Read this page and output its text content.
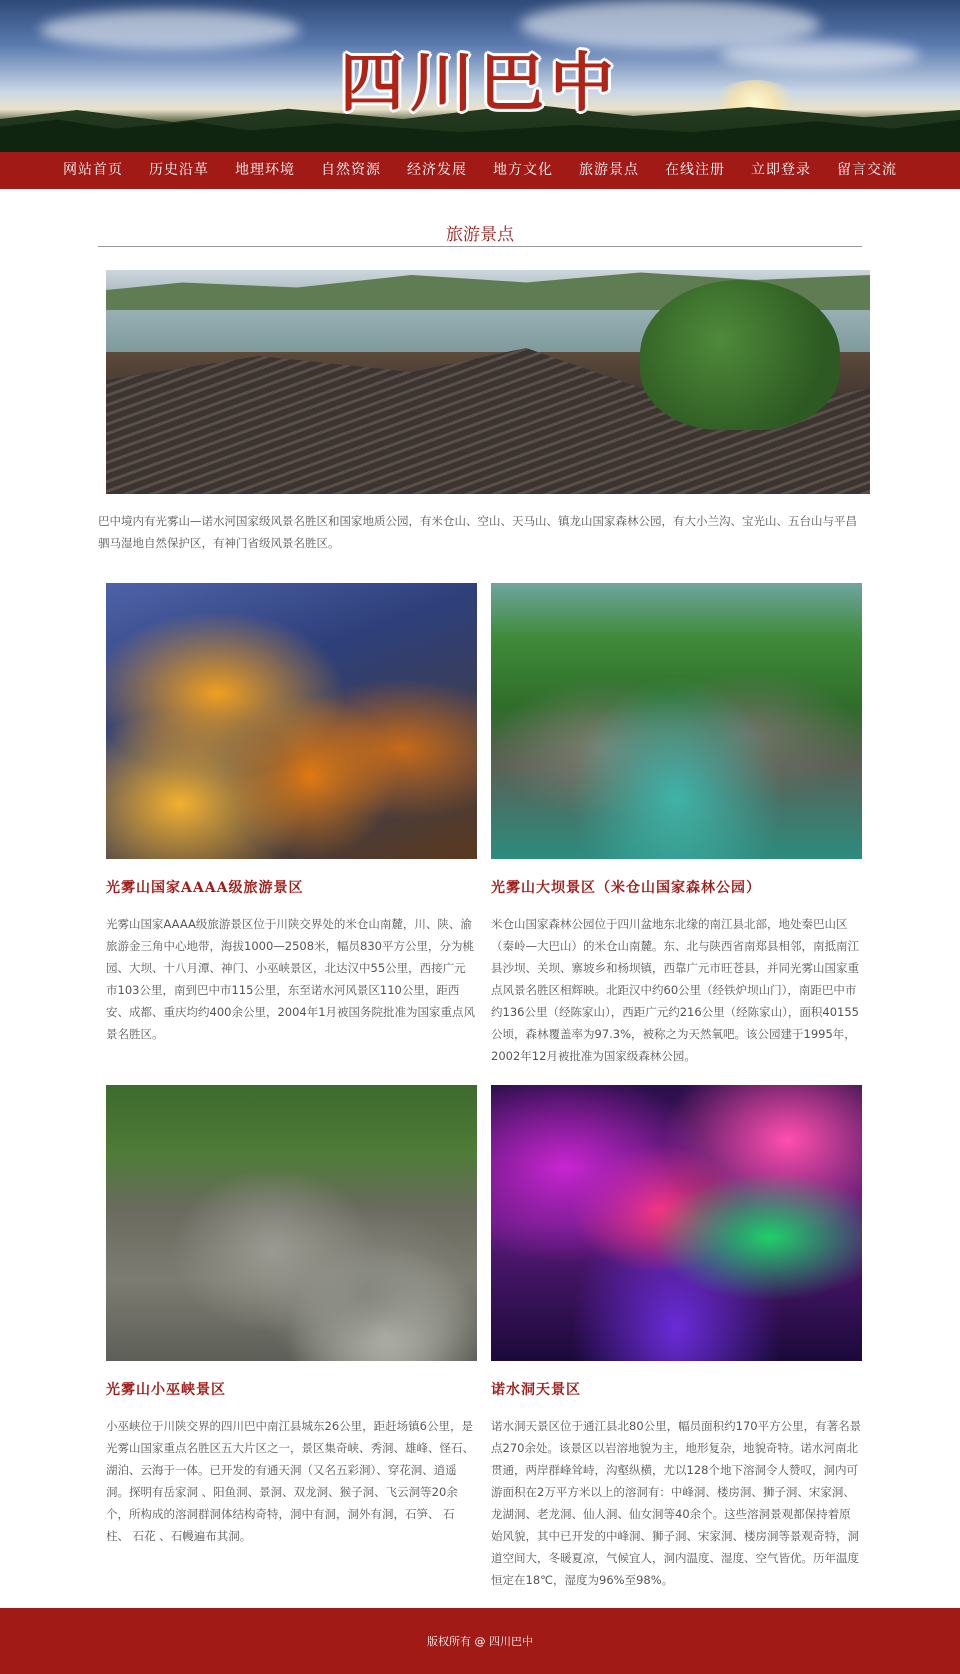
四川巴中
网站首页 历史沿革 地理环境 自然资源 经济发展 地方文化 旅游景点 在线注册 立即登录 留言交流
旅游景点

巴中境内有光雾山—诺水河国家级风景名胜区和国家地质公园，有米仓山、空山、天马山、镇龙山国家森林公园，有大小兰沟、宝光山、五台山与平昌驷马湿地自然保护区，有神门省级风景名胜区。

光雾山国家AAAA级旅游景区

光雾山国家AAAA级旅游景区位于川陕交界处的米仓山南麓，川、陕、渝旅游金三角中心地带，海拔1000—2508米，幅员830平方公里，分为桃园、大坝、十八月潭、神门、小巫峡景区，北达汉中55公里，西接广元市103公里，南到巴中市115公里，东至诺水河风景区110公里，距西安、成都、重庆均约400余公里，2004年1月被国务院批准为国家重点风景名胜区。

光雾山大坝景区（米仓山国家森林公园）

米仓山国家森林公园位于四川盆地东北缘的南江县北部，地处秦巴山区（秦岭—大巴山）的米仓山南麓。东、北与陕西省南郑县相邻，南抵南江县沙坝、关坝、寨坡乡和杨坝镇，西靠广元市旺苍县，并同光雾山国家重点风景名胜区相辉映。北距汉中约60公里（经铁炉坝山门），南距巴中市约136公里（经陈家山），西距广元约216公里（经陈家山），面积40155公顷，森林覆盖率为97.3%，被称之为天然氧吧。该公园建于1995年，2002年12月被批准为国家级森林公园。

光雾山小巫峡景区

小巫峡位于川陕交界的四川巴中南江县城东26公里，距赶场镇6公里，是光雾山国家重点名胜区五大片区之一，景区集奇峡、秀洞、雄峰、怪石、湖泊、云海于一体。已开发的有通天洞（又名五彩洞）、穿花洞、逍遥洞。探明有岳家洞 、阳鱼洞、景洞、双龙洞、猴子洞、飞云洞等20余个，所构成的溶洞群洞体结构奇特，洞中有洞，洞外有洞，石笋、 石柱、 石花 、石幔遍布其洞。

诺水洞天景区

诺水洞天景区位于通江县北80公里，幅员面积约170平方公里，有著名景点270余处。该景区以岩溶地貌为主，地形复杂，地貌奇特。诺水河南北贯通，两岸群峰耸峙，沟壑纵横，尤以128个地下溶洞令人赞叹，洞内可游面积在2万平方米以上的溶洞有：中峰洞、楼房洞、狮子洞、宋家洞、龙湖洞、老龙洞、仙人洞、仙女洞等40余个。这些溶洞景观都保持着原始风貌，其中已开发的中峰洞、狮子洞、宋家洞、楼房洞等景观奇特，洞道空间大，冬暖夏凉，气候宜人，洞内温度、湿度、空气皆优。历年温度恒定在18℃，湿度为96%至98%。

版权所有 @ 四川巴中
